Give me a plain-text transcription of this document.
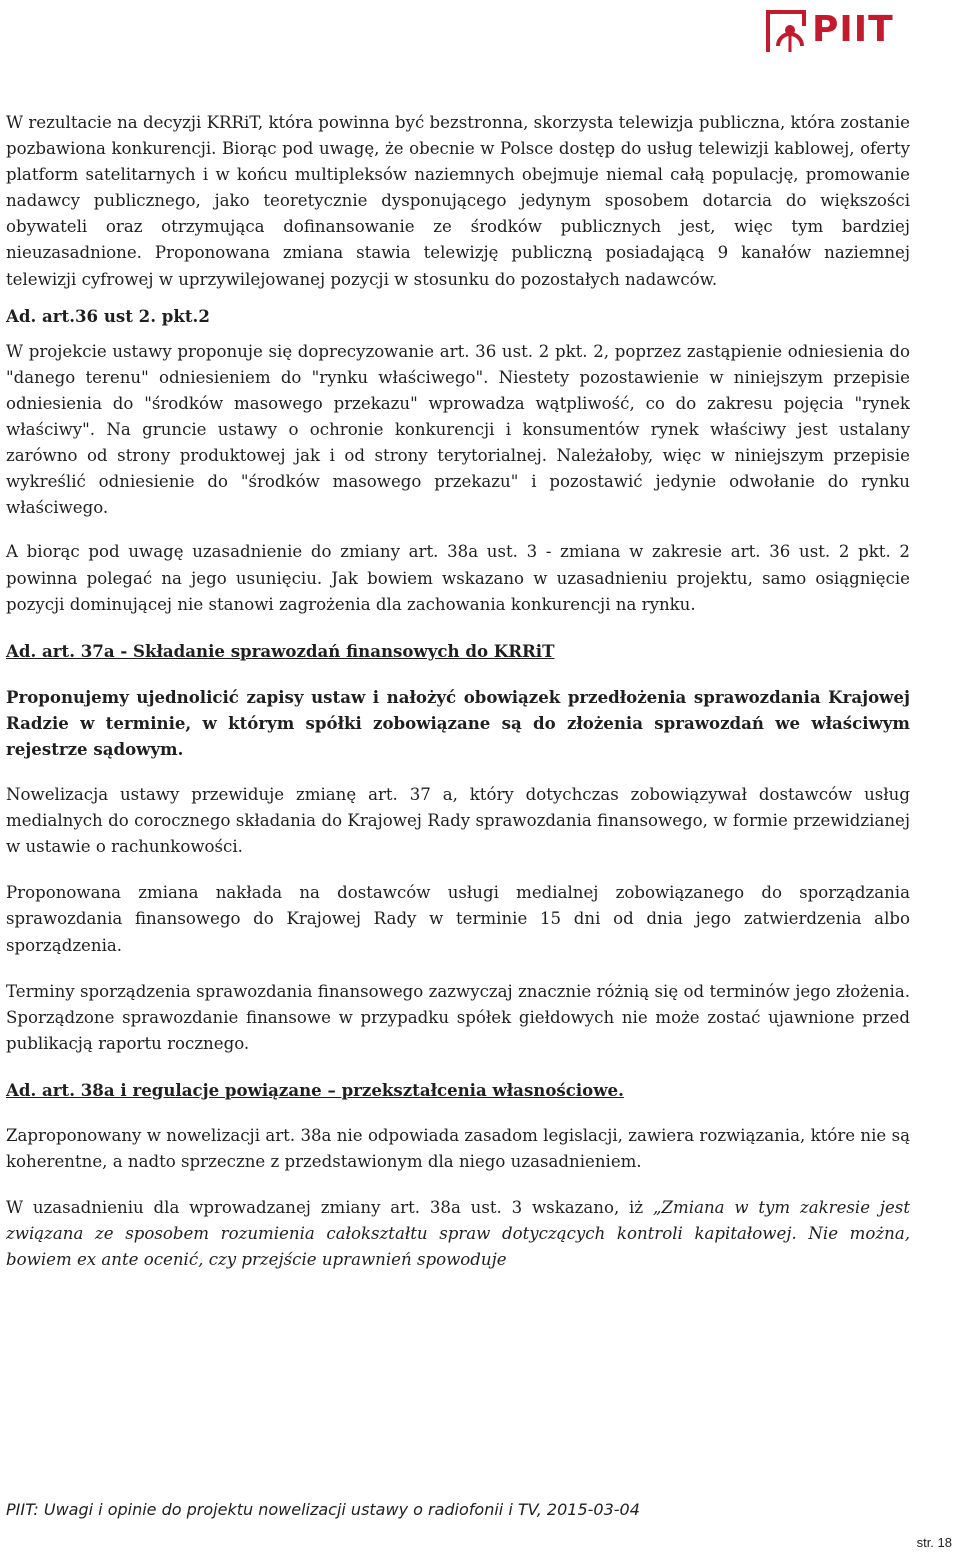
PIIT

W rezultacie na decyzji KRRiT, która powinna być bezstronna, skorzysta telewizja publiczna, która zostanie pozbawiona konkurencji. Biorąc pod uwagę, że obecnie w Polsce dostęp do usług telewizji kablowej, oferty platform satelitarnych i w końcu multipleksów naziemnych obejmuje niemal całą populację, promowanie nadawcy publicznego, jako teoretycznie dysponującego jedynym sposobem dotarcia do większości obywateli oraz otrzymująca dofinansowanie ze środków publicznych jest, więc tym bardziej nieuzasadnione. Proponowana zmiana stawia telewizję publiczną posiadającą 9 kanałów naziemnej telewizji cyfrowej w uprzywilejowanej pozycji w stosunku do pozostałych nadawców.

Ad. art.36 ust 2. pkt.2

W projekcie ustawy proponuje się doprecyzowanie art. 36 ust. 2 pkt. 2, poprzez zastąpienie odniesienia do "danego terenu" odniesieniem do "rynku właściwego". Niestety pozostawienie w niniejszym przepisie odniesienia do "środków masowego przekazu" wprowadza wątpliwość, co do zakresu pojęcia "rynek właściwy". Na gruncie ustawy o ochronie konkurencji i konsumentów rynek właściwy jest ustalany zarówno od strony produktowej jak i od strony terytorialnej. Należałoby, więc w niniejszym przepisie wykreślić odniesienie do "środków masowego przekazu" i pozostawić jedynie odwołanie do rynku właściwego.

A biorąc pod uwagę uzasadnienie do zmiany art. 38a ust. 3 - zmiana w zakresie art. 36 ust. 2 pkt. 2 powinna polegać na jego usunięciu. Jak bowiem wskazano w uzasadnieniu projektu, samo osiągnięcie pozycji dominującej nie stanowi zagrożenia dla zachowania konkurencji na rynku.

Ad. art. 37a - Składanie sprawozdań finansowych do KRRiT

Proponujemy ujednolicić zapisy ustaw i nałożyć obowiązek przedłożenia sprawozdania Krajowej Radzie w terminie, w którym spółki zobowiązane są do złożenia sprawozdań we właściwym rejestrze sądowym.

Nowelizacja ustawy przewiduje zmianę art. 37 a, który dotychczas zobowiązywał dostawców usług medialnych do corocznego składania do Krajowej Rady sprawozdania finansowego, w formie przewidzianej w ustawie o rachunkowości.

Proponowana zmiana nakłada na dostawców usługi medialnej zobowiązanego do sporządzania sprawozdania finansowego do Krajowej Rady w terminie 15 dni od dnia jego zatwierdzenia albo sporządzenia.

Terminy sporządzenia sprawozdania finansowego zazwyczaj znacznie różnią się od terminów jego złożenia. Sporządzone sprawozdanie finansowe w przypadku spółek giełdowych nie może zostać ujawnione przed publikacją raportu rocznego.

Ad. art. 38a i regulacje powiązane – przekształcenia własnościowe.

Zaproponowany w nowelizacji art. 38a nie odpowiada zasadom legislacji, zawiera rozwiązania, które nie są koherentne, a nadto sprzeczne z przedstawionym dla niego uzasadnieniem.

W uzasadnieniu dla wprowadzanej zmiany art. 38a ust. 3 wskazano, iż „Zmiana w tym zakresie jest związana ze sposobem rozumienia całokształtu spraw dotyczących kontroli kapitałowej. Nie można, bowiem ex ante ocenić, czy przejście uprawnień spowoduje

PIIT: Uwagi i opinie do projektu nowelizacji ustawy o radiofonii i TV, 2015-03-04
str. 18
